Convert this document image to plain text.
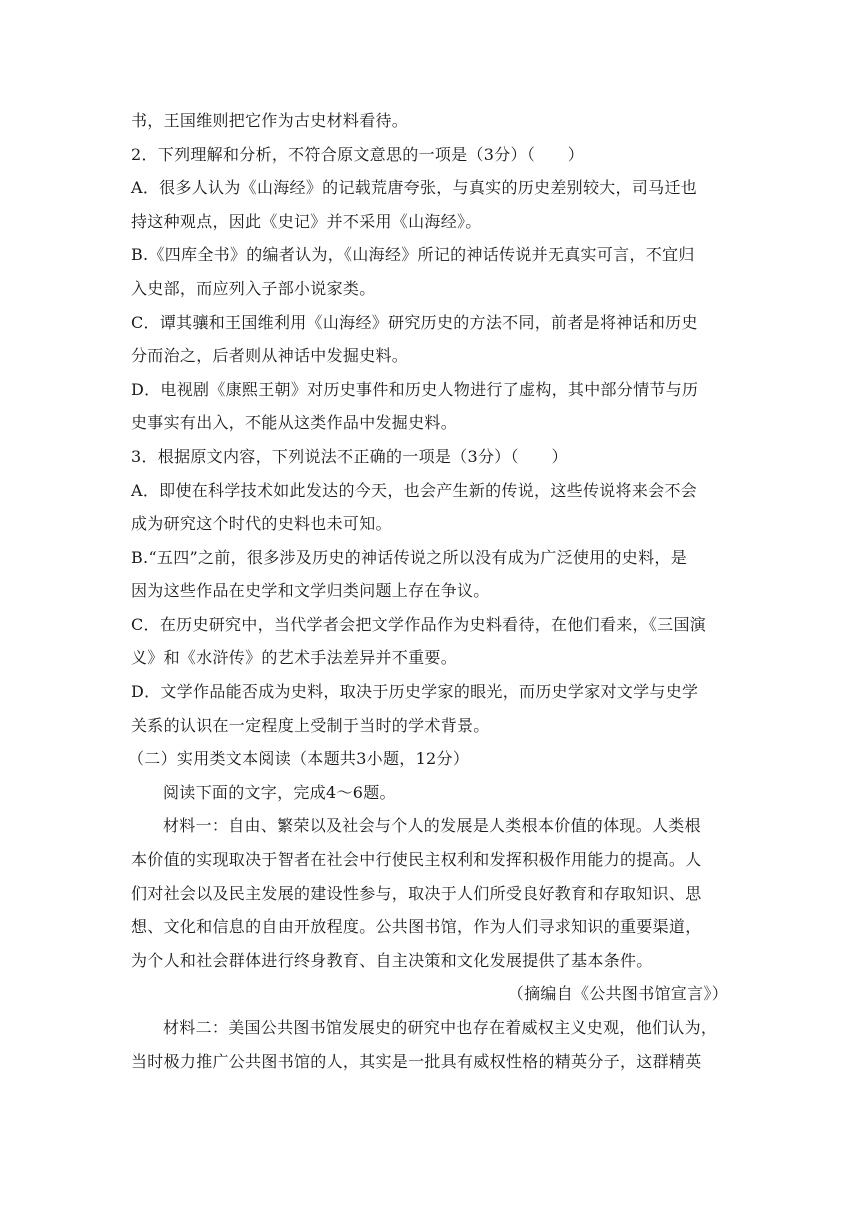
书，王国维则把它作为古史材料看待。
2．下列理解和分析，不符合原文意思的一项是（3分）（　　）
A．很多人认为《山海经》的记载荒唐夸张，与真实的历史差别较大，司马迁也
持这种观点，因此《史记》并不采用《山海经》。
B.《四库全书》的编者认为，《山海经》所记的神话传说并无真实可言，不宜归
入史部，而应列入子部小说家类。
C．谭其骧和王国维利用《山海经》研究历史的方法不同，前者是将神话和历史
分而治之，后者则从神话中发掘史料。
D．电视剧《康熙王朝》对历史事件和历史人物进行了虚构，其中部分情节与历
史事实有出入，不能从这类作品中发掘史料。
3．根据原文内容，下列说法不正确的一项是（3分）（　　）
A．即使在科学技术如此发达的今天，也会产生新的传说，这些传说将来会不会
成为研究这个时代的史料也未可知。
B.“五四”之前，很多涉及历史的神话传说之所以没有成为广泛使用的史料，是
因为这些作品在史学和文学归类问题上存在争议。
C．在历史研究中，当代学者会把文学作品作为史料看待，在他们看来，《三国演
义》和《水浒传》的艺术手法差异并不重要。
D．文学作品能否成为史料，取决于历史学家的眼光，而历史学家对文学与史学
关系的认识在一定程度上受制于当时的学术背景。
（二）实用类文本阅读（本题共3小题，12分）
阅读下面的文字，完成4～6题。
材料一：自由、繁荣以及社会与个人的发展是人类根本价值的体现。人类根
本价值的实现取决于智者在社会中行使民主权利和发挥积极作用能力的提高。人
们对社会以及民主发展的建设性参与，取决于人们所受良好教育和存取知识、思
想、文化和信息的自由开放程度。公共图书馆，作为人们寻求知识的重要渠道，
为个人和社会群体进行终身教育、自主决策和文化发展提供了基本条件。
（摘编自《公共图书馆宣言》）
材料二：美国公共图书馆发展史的研究中也存在着威权主义史观，他们认为，
当时极力推广公共图书馆的人，其实是一批具有威权性格的精英分子，这群精英
